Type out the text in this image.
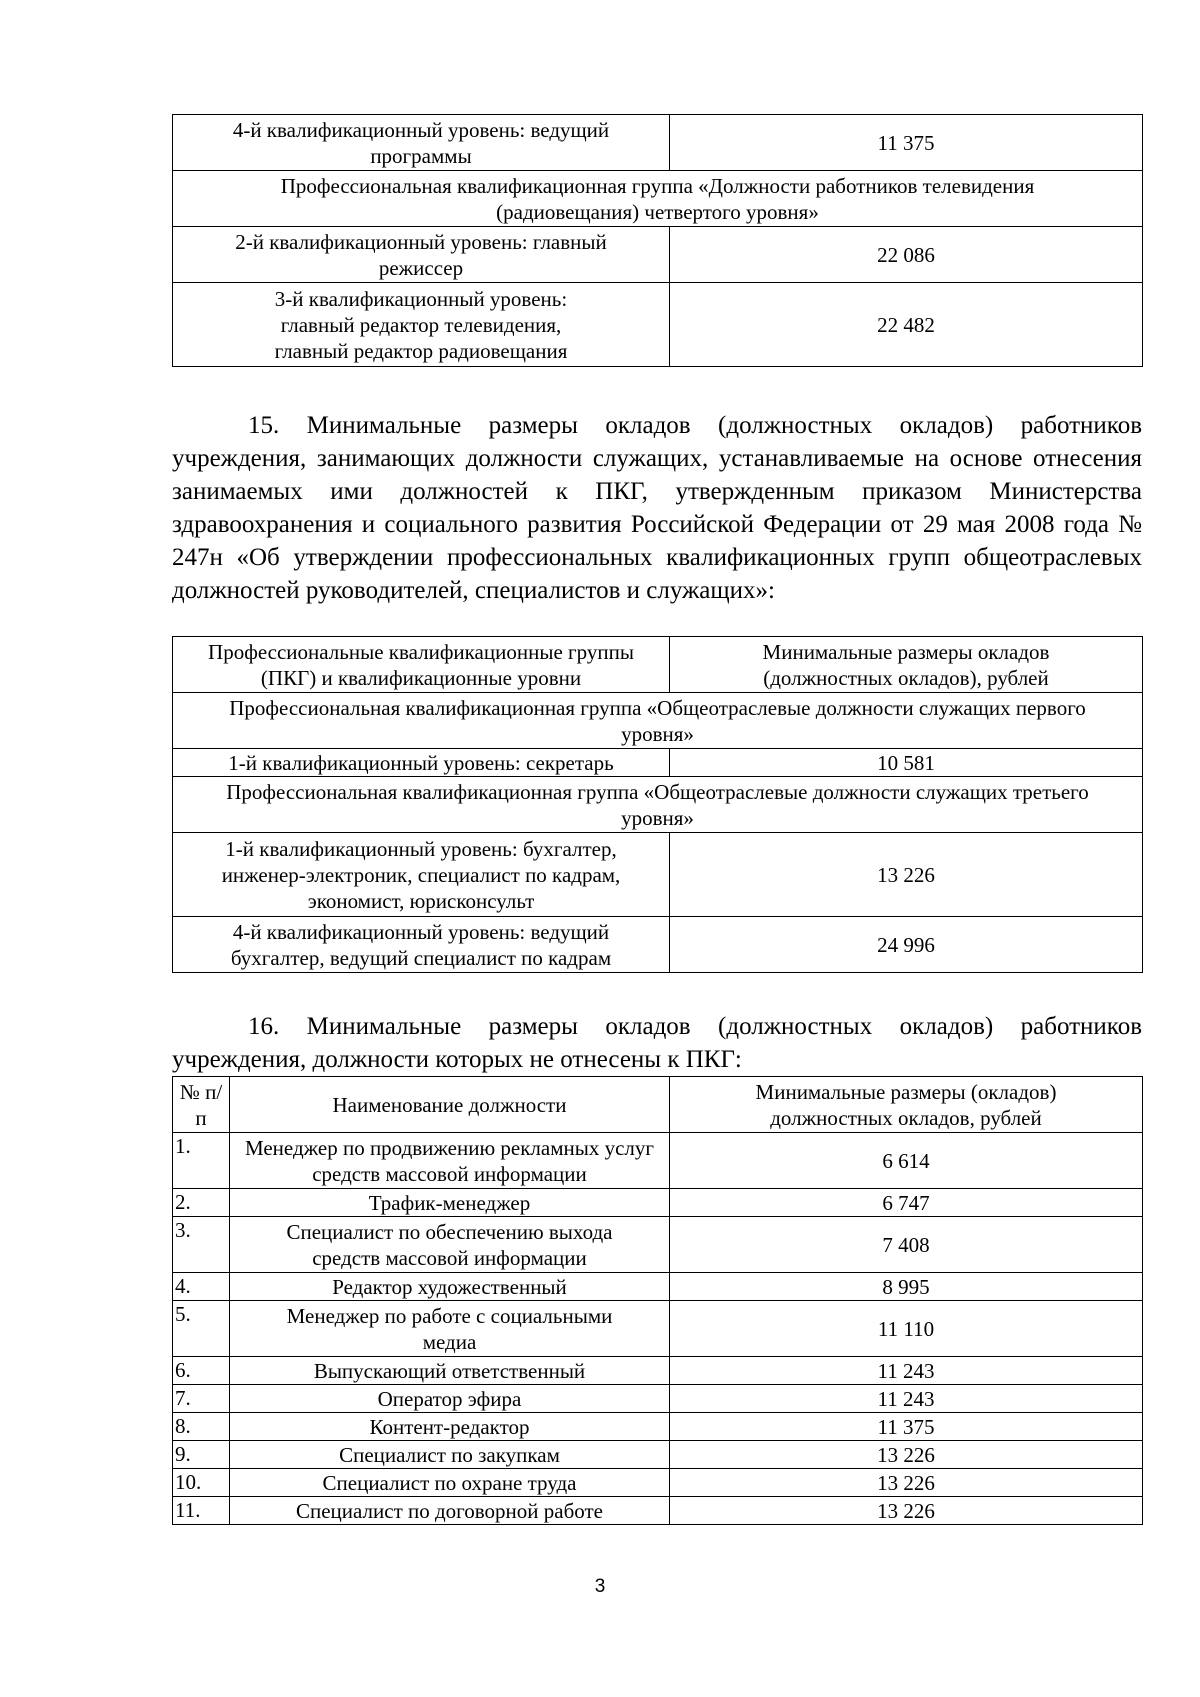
4-й квалификационный уровень: ведущий программы	11 375
Профессиональная квалификационная группа «Должности работников телевидения (радиовещания) четвертого уровня»	
2-й квалификационный уровень: главный режиссер	22 086
3-й квалификационный уровень: главный редактор телевидения, главный редактор радиовещания	22 482

15. Минимальные размеры окладов (должностных окладов) работников учреждения, занимающих должности служащих, устанавливаемые на основе отнесения занимаемых ими должностей к ПКГ, утвержденным приказом Министерства здравоохранения и социального развития Российской Федерации от 29 мая 2008 года № 247н «Об утверждении профессиональных квалификационных групп общеотраслевых должностей руководителей, специалистов и служащих»:

Профессиональные квалификационные группы (ПКГ) и квалификационные уровни	Минимальные размеры окладов (должностных окладов), рублей
Профессиональная квалификационная группа «Общеотраслевые должности служащих первого уровня»	
1-й квалификационный уровень: секретарь	10 581
Профессиональная квалификационная группа «Общеотраслевые должности служащих третьего уровня»	
1-й квалификационный уровень: бухгалтер, инженер-электроник, специалист по кадрам, экономист, юрисконсульт	13 226
4-й квалификационный уровень: ведущий бухгалтер, ведущий специалист по кадрам	24 996

16. Минимальные размеры окладов (должностных окладов) работников учреждения, должности которых не отнесены к ПКГ:

№ п/п	Наименование должности	Минимальные размеры (окладов) должностных окладов, рублей
1.	Менеджер по продвижению рекламных услуг средств массовой информации	6 614
2.	Трафик-менеджер	6 747
3.	Специалист по обеспечению выхода средств массовой информации	7 408
4.	Редактор художественный	8 995
5.	Менеджер по работе с социальными медиа	11 110
6.	Выпускающий ответственный	11 243
7.	Оператор эфира	11 243
8.	Контент-редактор	11 375
9.	Специалист по закупкам	13 226
10.	Специалист по охране труда	13 226
11.	Специалист по договорной работе	13 226
3
